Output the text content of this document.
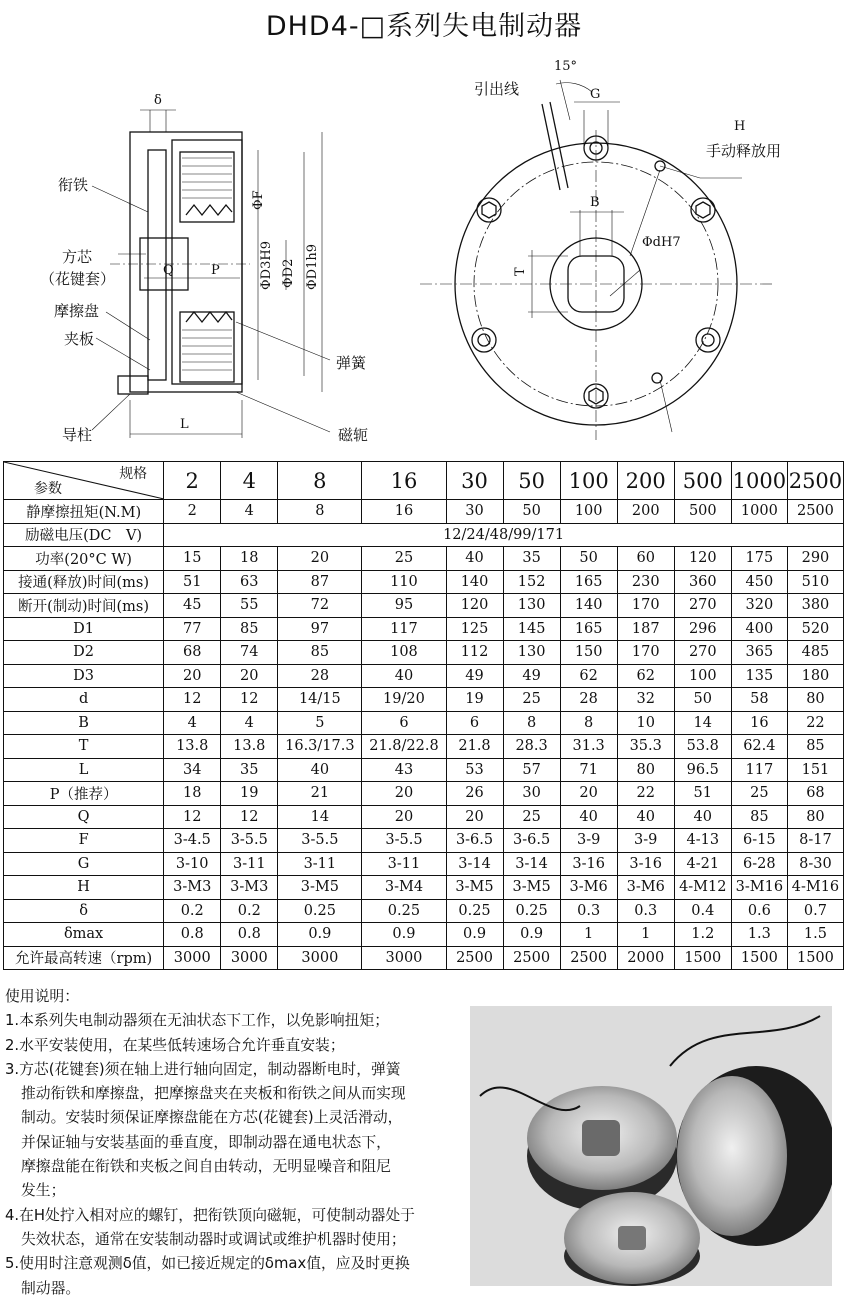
DHD4-□系列失电制动器
衔铁
方芯
（花键套）
摩擦盘
夹板
导柱
弹簧
磁轭
δ
Q	P
L
ΦF
ΦD3H9 ΦD2 ΦD1h9
引出线
15°
G
H
手动释放用
B
ΦdH7
T
规格
参数	2	4	8	16	30	50	100	200	500	1000	2500
静摩擦扭矩(N.M)	2	4	8	16	30	50	100	200	500	1000	2500
励磁电压(DC　V)	12/24/48/99/171										
功率(20°C W)	15	18	20	25	40	35	50	60	120	175	290
接通(释放)时间(ms)	51	63	87	110	140	152	165	230	360	450	510
断开(制动)时间(ms)	45	55	72	95	120	130	140	170	270	320	380
D1	77	85	97	117	125	145	165	187	296	400	520
D2	68	74	85	108	112	130	150	170	270	365	485
D3	20	20	28	40	49	49	62	62	100	135	180
d	12	12	14/15	19/20	19	25	28	32	50	58	80
B	4	4	5	6	6	8	8	10	14	16	22
T	13.8	13.8	16.3/17.3	21.8/22.8	21.8	28.3	31.3	35.3	53.8	62.4	85
L	34	35	40	43	53	57	71	80	96.5	117	151
P（推荐）	18	19	21	20	26	30	20	22	51	25	68
Q	12	12	14	20	20	25	40	40	40	85	80
F	3-4.5	3-5.5	3-5.5	3-5.5	3-6.5	3-6.5	3-9	3-9	4-13	6-15	8-17
G	3-10	3-11	3-11	3-11	3-14	3-14	3-16	3-16	4-21	6-28	8-30
H	3-M3	3-M3	3-M5	3-M4	3-M5	3-M5	3-M6	3-M6	4-M12	3-M16	4-M16
δ	0.2	0.2	0.25	0.25	0.25	0.25	0.3	0.3	0.4	0.6	0.7
δmax	0.8	0.8	0.9	0.9	0.9	0.9	1	1	1.2	1.3	1.5
允许最高转速（rpm)	3000	3000	3000	3000	2500	2500	2500	2000	1500	1500	1500

使用说明：

1.本系列失电制动器须在无油状态下工作，以免影响扭矩；

2.水平安装使用，在某些低转速场合允许垂直安装；

3.方芯(花键套)须在轴上进行轴向固定，制动器断电时，弹簧

推动衔铁和摩擦盘，把摩擦盘夹在夹板和衔铁之间从而实现

制动。安装时须保证摩擦盘能在方芯(花键套)上灵活滑动，

并保证轴与安装基面的垂直度，即制动器在通电状态下，

摩擦盘能在衔铁和夹板之间自由转动，无明显噪音和阻尼

发生；

4.在H处拧入相对应的螺钉，把衔铁顶向磁轭，可使制动器处于

失效状态，通常在安装制动器时或调试或维护机器时使用；

5.使用时注意观测δ值，如已接近规定的δmax值，应及时更换

制动器。
